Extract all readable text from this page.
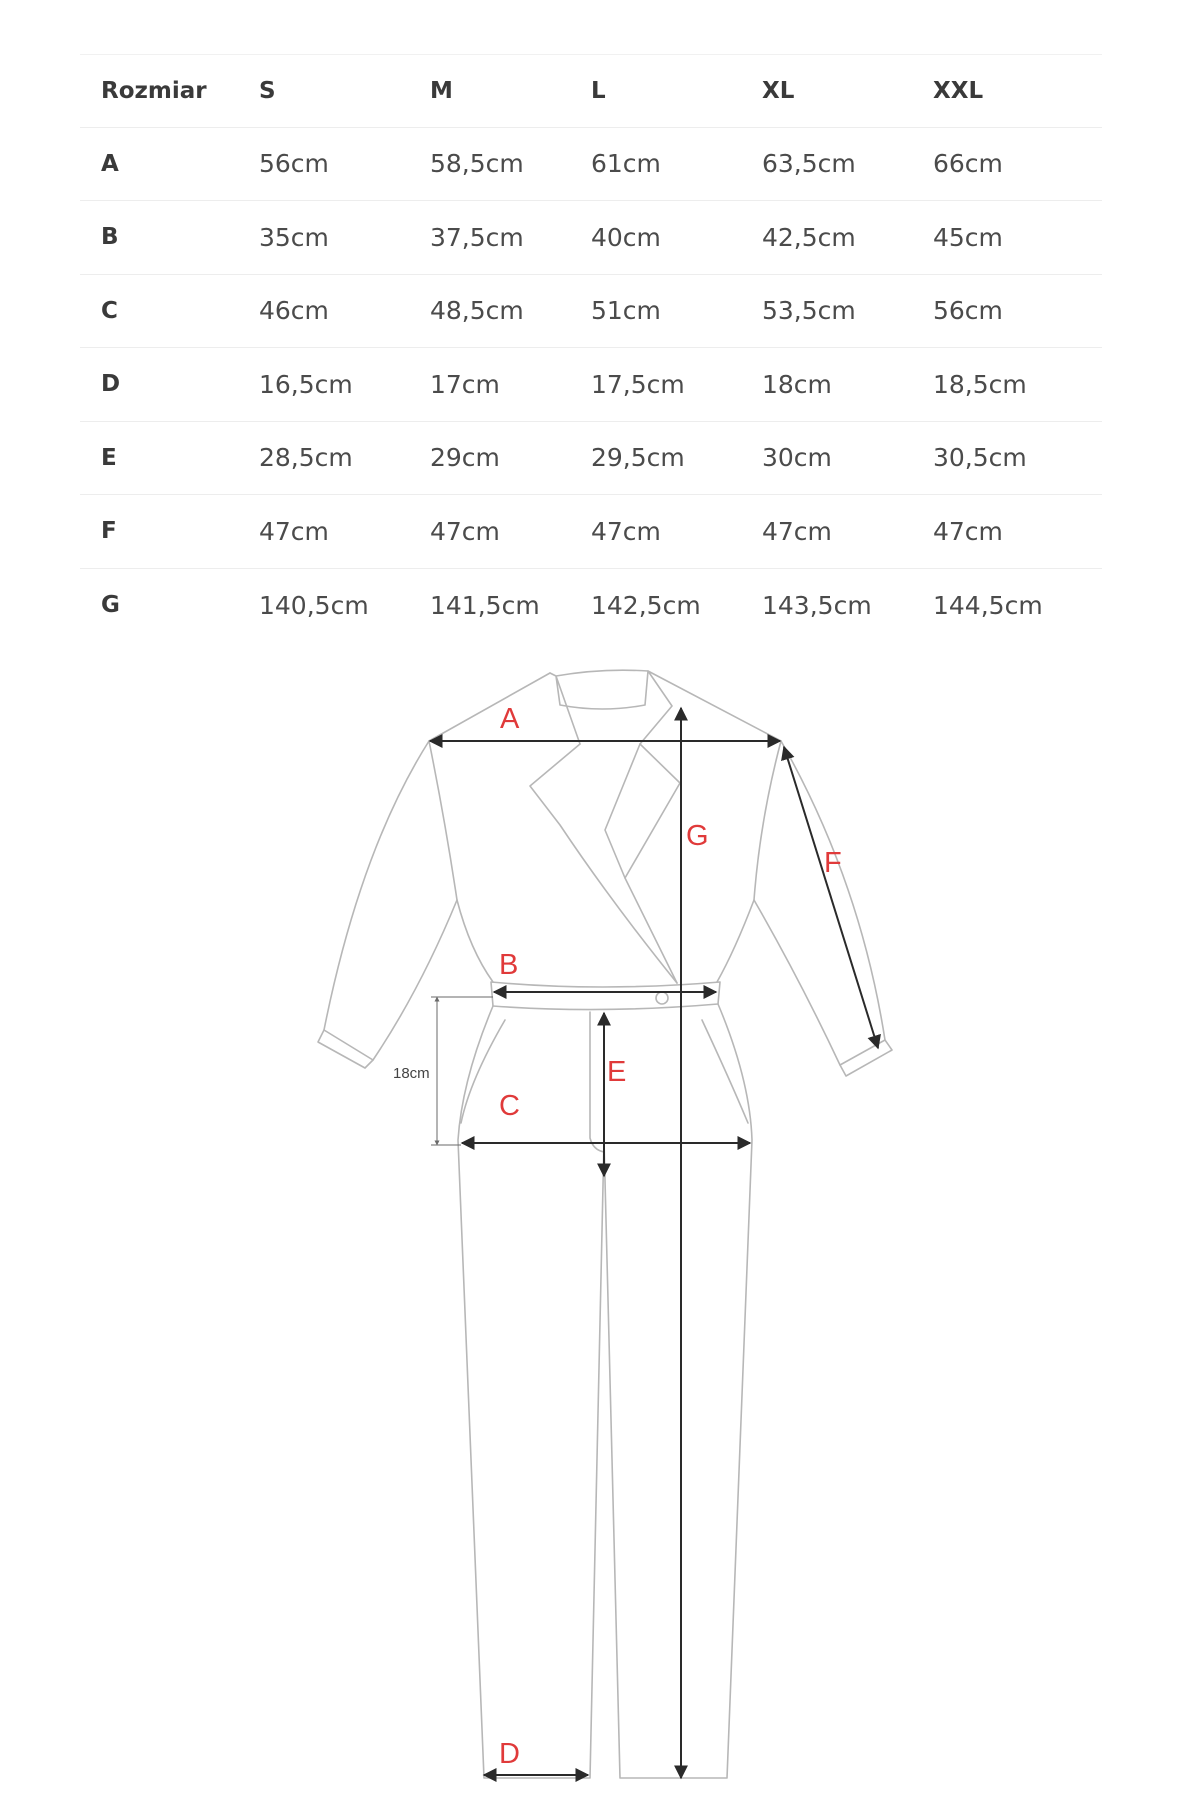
Rozmiar	S	M	L	XL	XXL
A	56cm	58,5cm	61cm	63,5cm	66cm
B	35cm	37,5cm	40cm	42,5cm	45cm
C	46cm	48,5cm	51cm	53,5cm	56cm
D	16,5cm	17cm	17,5cm	18cm	18,5cm
E	28,5cm	29cm	29,5cm	30cm	30,5cm
F	47cm	47cm	47cm	47cm	47cm
G	140,5cm	141,5cm	142,5cm	143,5cm	144,5cm
A
B
C
D
E
F
G
18cm
